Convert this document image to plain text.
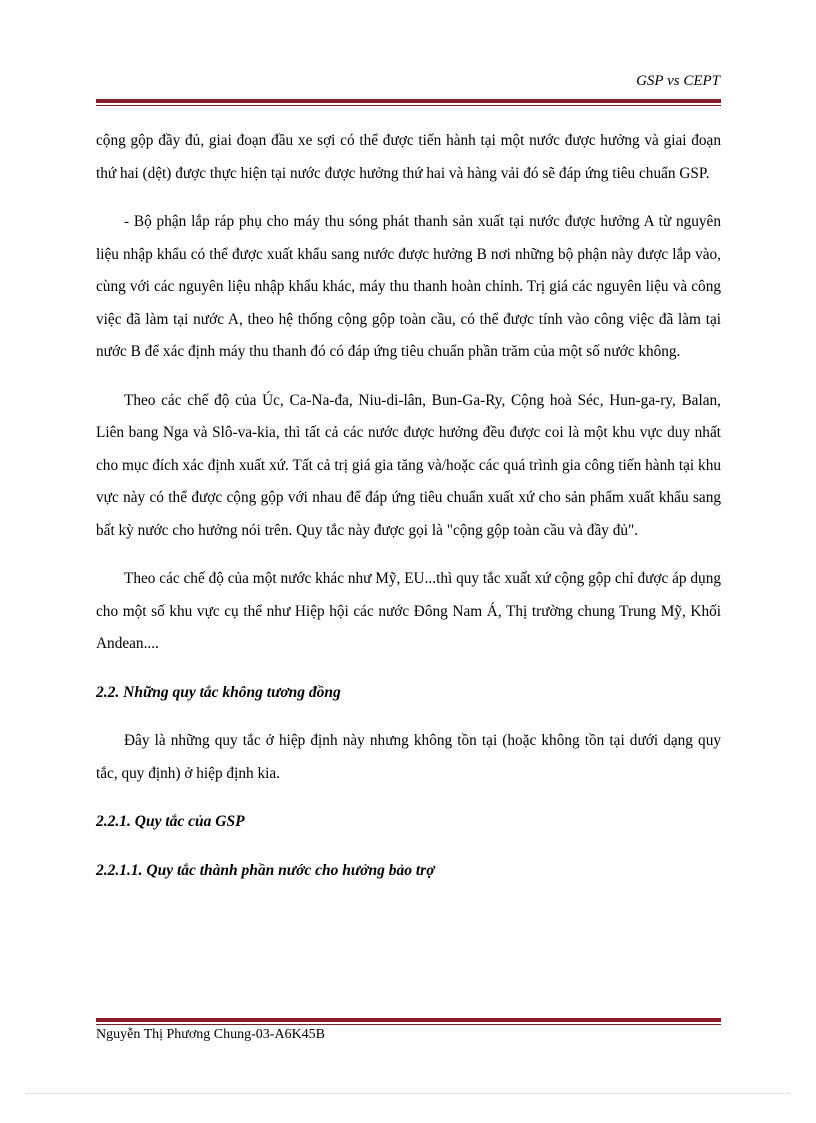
GSP vs CEPT

cộng gộp đầy đủ, giai đoạn đầu xe sợi có thể được tiến hành tại một nước được hưởng và giai đoạn thứ hai (dệt) được thực hiện tại nước được hưởng thứ hai và hàng vải đó sẽ đáp ứng tiêu chuẩn GSP.

- Bộ phận lắp ráp phụ cho máy thu sóng phát thanh sản xuất tại nước được hưởng A từ nguyên liệu nhập khẩu có thể được xuất khẩu sang nước được hưởng B nơi những bộ phận này được lắp vào, cùng với các nguyên liệu nhập khẩu khác, máy thu thanh hoàn chỉnh. Trị giá các nguyên liệu và công việc đã làm tại nước A, theo hệ thống cộng gộp toàn cầu, có thể được tính vào công việc đã làm tại nước B để xác định máy thu thanh đó có đáp ứng tiêu chuẩn phần trăm của một số nước không.

Theo các chế độ của Úc, Ca-Na-đa, Niu-di-lân, Bun-Ga-Ry, Cộng hoà Séc, Hun-ga-ry, Balan, Liên bang Nga và Slô-va-kia, thì tất cả các nước được hưởng đều được coi là một khu vực duy nhất cho mục đích xác định xuất xứ. Tất cả trị giá gia tăng và/hoặc các quá trình gia công tiến hành tại khu vực này có thể được cộng gộp với nhau để đáp ứng tiêu chuẩn xuất xứ cho sản phẩm xuất khẩu sang bất kỳ nước cho hưởng nói trên. Quy tắc này được gọi là "cộng gộp toàn cầu và đầy đủ".

Theo các chế độ của một nước khác như Mỹ, EU...thì quy tắc xuất xứ cộng gộp chỉ được áp dụng cho một số khu vực cụ thể như Hiệp hội các nước Đông Nam Á, Thị trường chung Trung Mỹ, Khối Andean....

2.2. Những quy tắc không tương đồng

Đây là những quy tắc ở hiệp định này nhưng không tồn tại (hoặc không tồn tại dưới dạng quy tắc, quy định) ở hiệp định kia.

2.2.1. Quy tắc của GSP
2.2.1.1. Quy tắc thành phần nước cho hưởng bảo trợ
Nguyễn Thị Phương Chung-03-A6K45B
